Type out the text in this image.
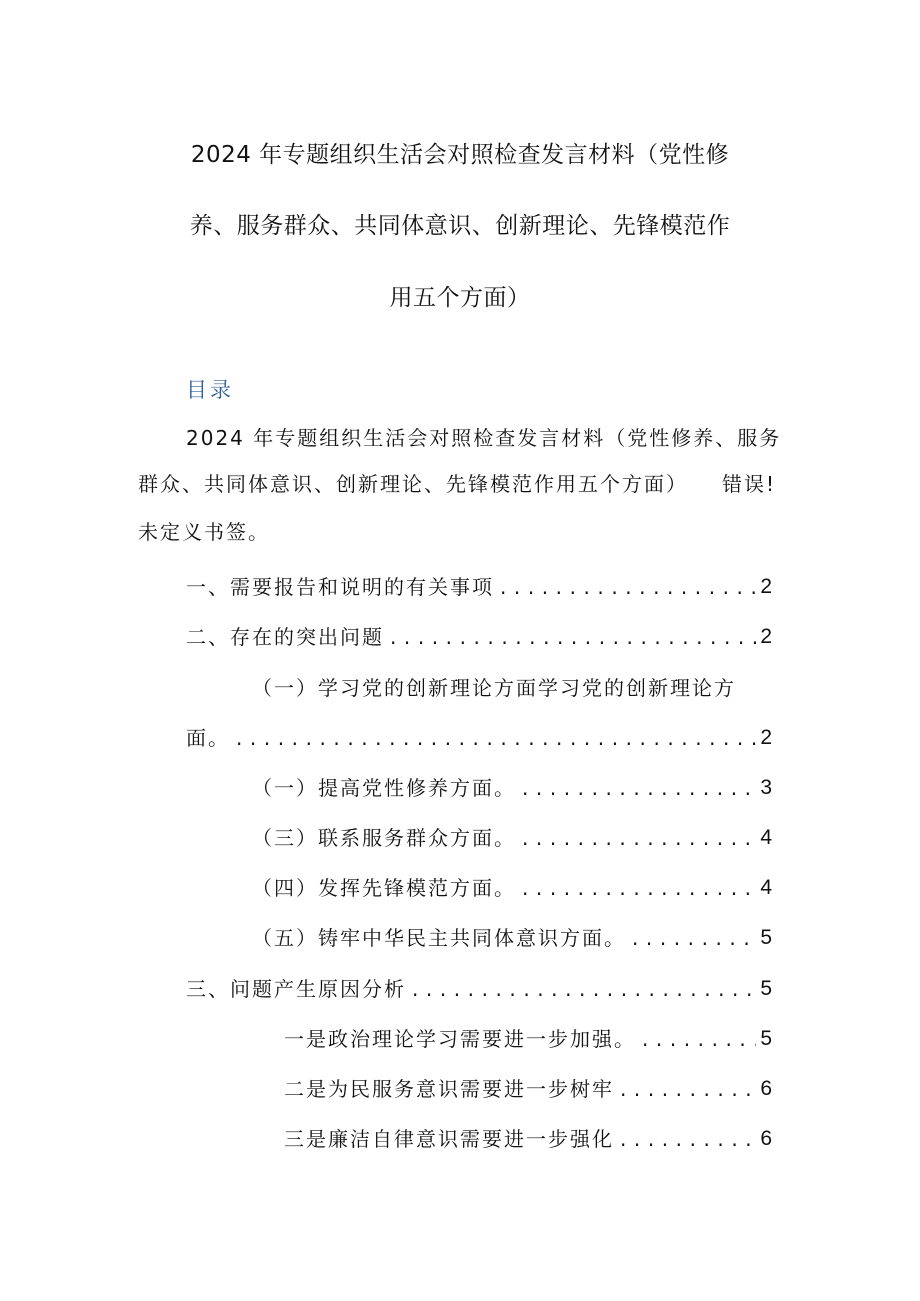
2024 年专题组织生活会对照检查发言材料（党性修
养、服务群众、共同体意识、创新理论、先锋模范作
用五个方面）
目录
2024 年专题组织生活会对照检查发言材料（党性修养、服务
群众、共同体意识、创新理论、先锋模范作用五个方面） 错误!
未定义书签。
一、需要报告和说明的有关事项 . . .	2
二、存在的突出问题 . . .	2
（一）学习党的创新理论方面学习党的创新理论方
面。 . . .	2
（一）提高党性修养方面。 . . .	3
（三）联系服务群众方面。 . . .	4
（四）发挥先锋模范方面。 . . .	4
（五）铸牢中华民主共同体意识方面。 . . .	5
三、问题产生原因分析 . . .	5
一是政治理论学习需要进一步加强。 . . .	5
二是为民服务意识需要进一步树牢 . . .	6
三是廉洁自律意识需要进一步强化 . . .	6
